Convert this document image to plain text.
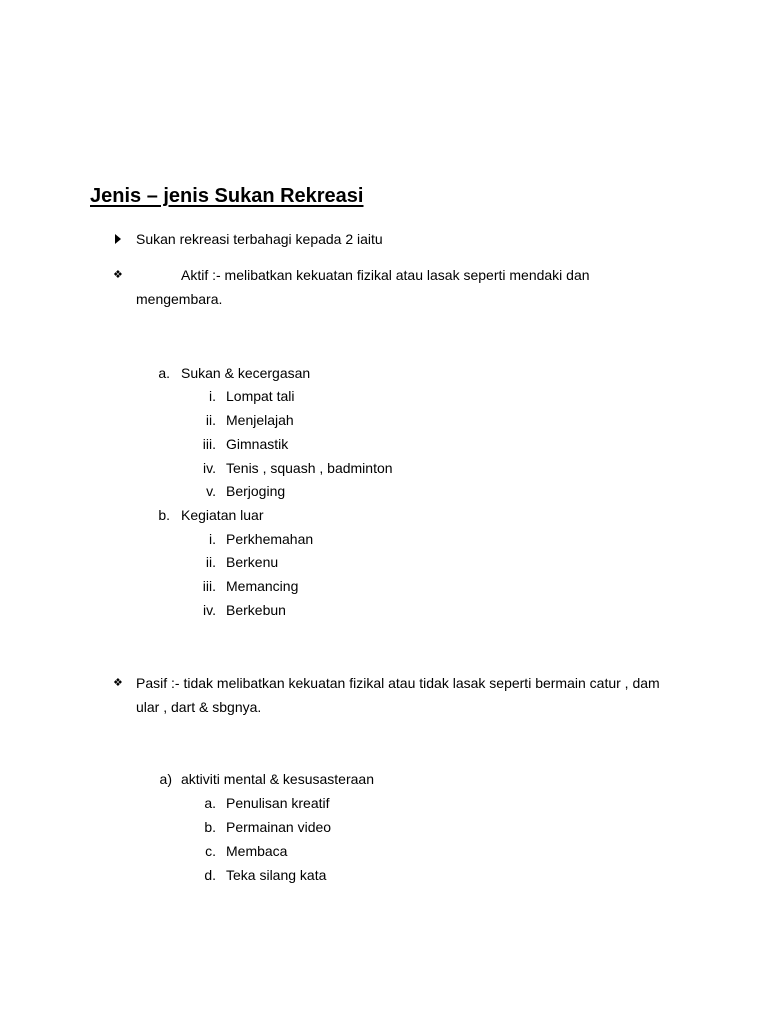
Jenis – jenis Sukan Rekreasi
Sukan rekreasi terbahagi kepada 2 iaitu
❖	Aktif :- melibatkan kekuatan fizikal atau lasak seperti mendaki dan
mengembara.
a. Sukan & kecergasan
i. Lompat tali
ii. Menjelajah
iii. Gimnastik
iv. Tenis , squash , badminton
v. Berjoging
b. Kegiatan luar
i. Perkhemahan
ii. Berkenu
iii. Memancing
iv. Berkebun
❖ Pasif :- tidak melibatkan kekuatan fizikal atau tidak lasak seperti bermain catur , dam
ular , dart & sbgnya.
a) aktiviti mental & kesusasteraan
a. Penulisan kreatif
b. Permainan video
c. Membaca
d. Teka silang kata
